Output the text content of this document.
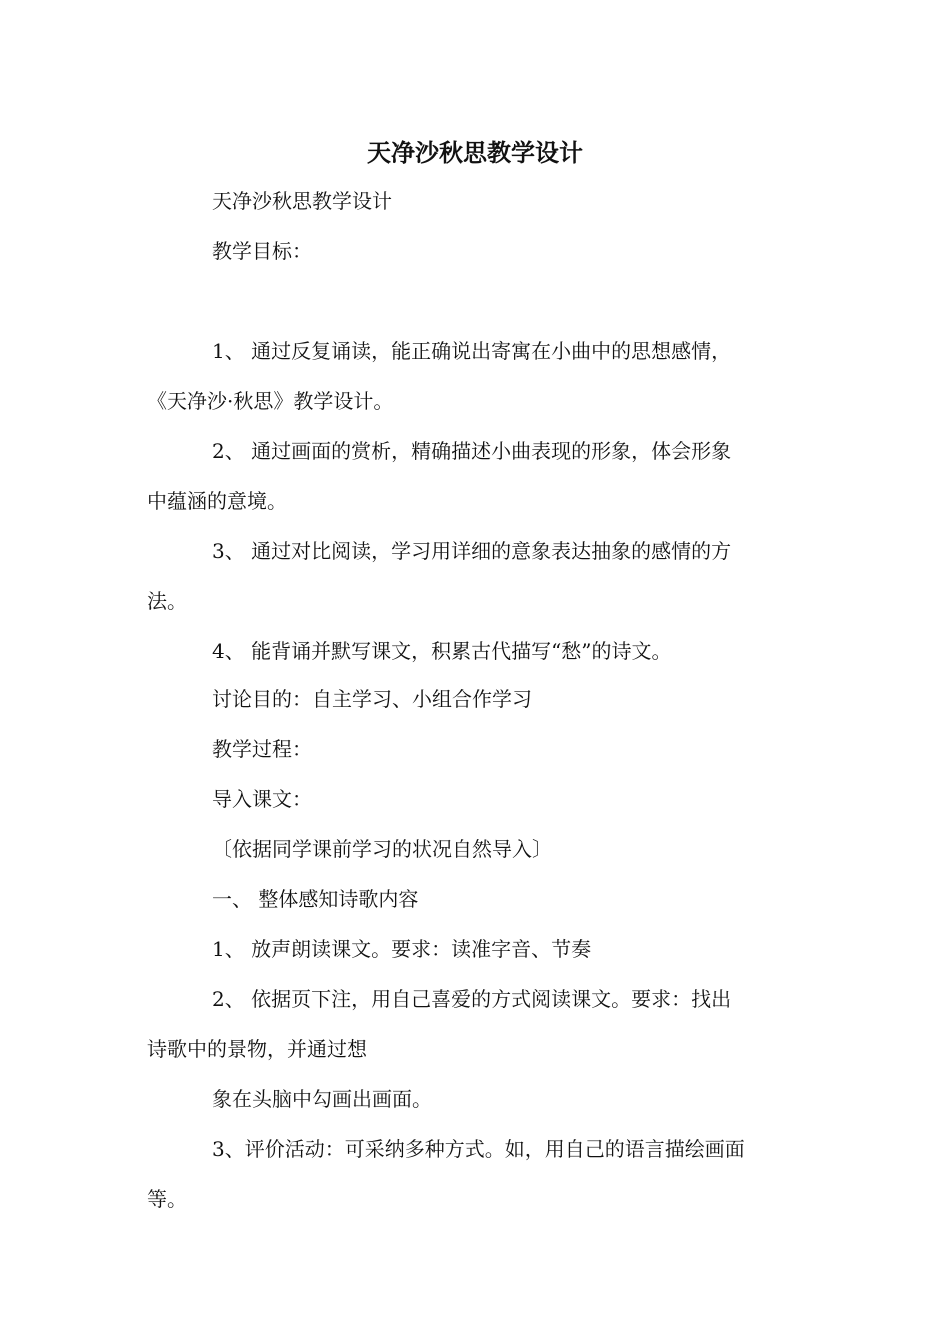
天净沙秋思教学设计

天净沙秋思教学设计

教学目标：

1、 通过反复诵读，能正确说出寄寓在小曲中的思想感情，

《天净沙·秋思》教学设计。

2、 通过画面的赏析，精确描述小曲表现的形象，体会形象

中蕴涵的意境。

3、 通过对比阅读，学习用详细的意象表达抽象的感情的方

法。

4、 能背诵并默写课文，积累古代描写“愁”的诗文。

讨论目的：自主学习、小组合作学习

教学过程：

导入课文：

〔依据同学课前学习的状况自然导入〕

一、 整体感知诗歌内容

1、 放声朗读课文。要求：读准字音、节奏

2、 依据页下注，用自己喜爱的方式阅读课文。要求：找出

诗歌中的景物，并通过想

象在头脑中勾画出画面。

3、评价活动：可采纳多种方式。如，用自己的语言描绘画面

等。
